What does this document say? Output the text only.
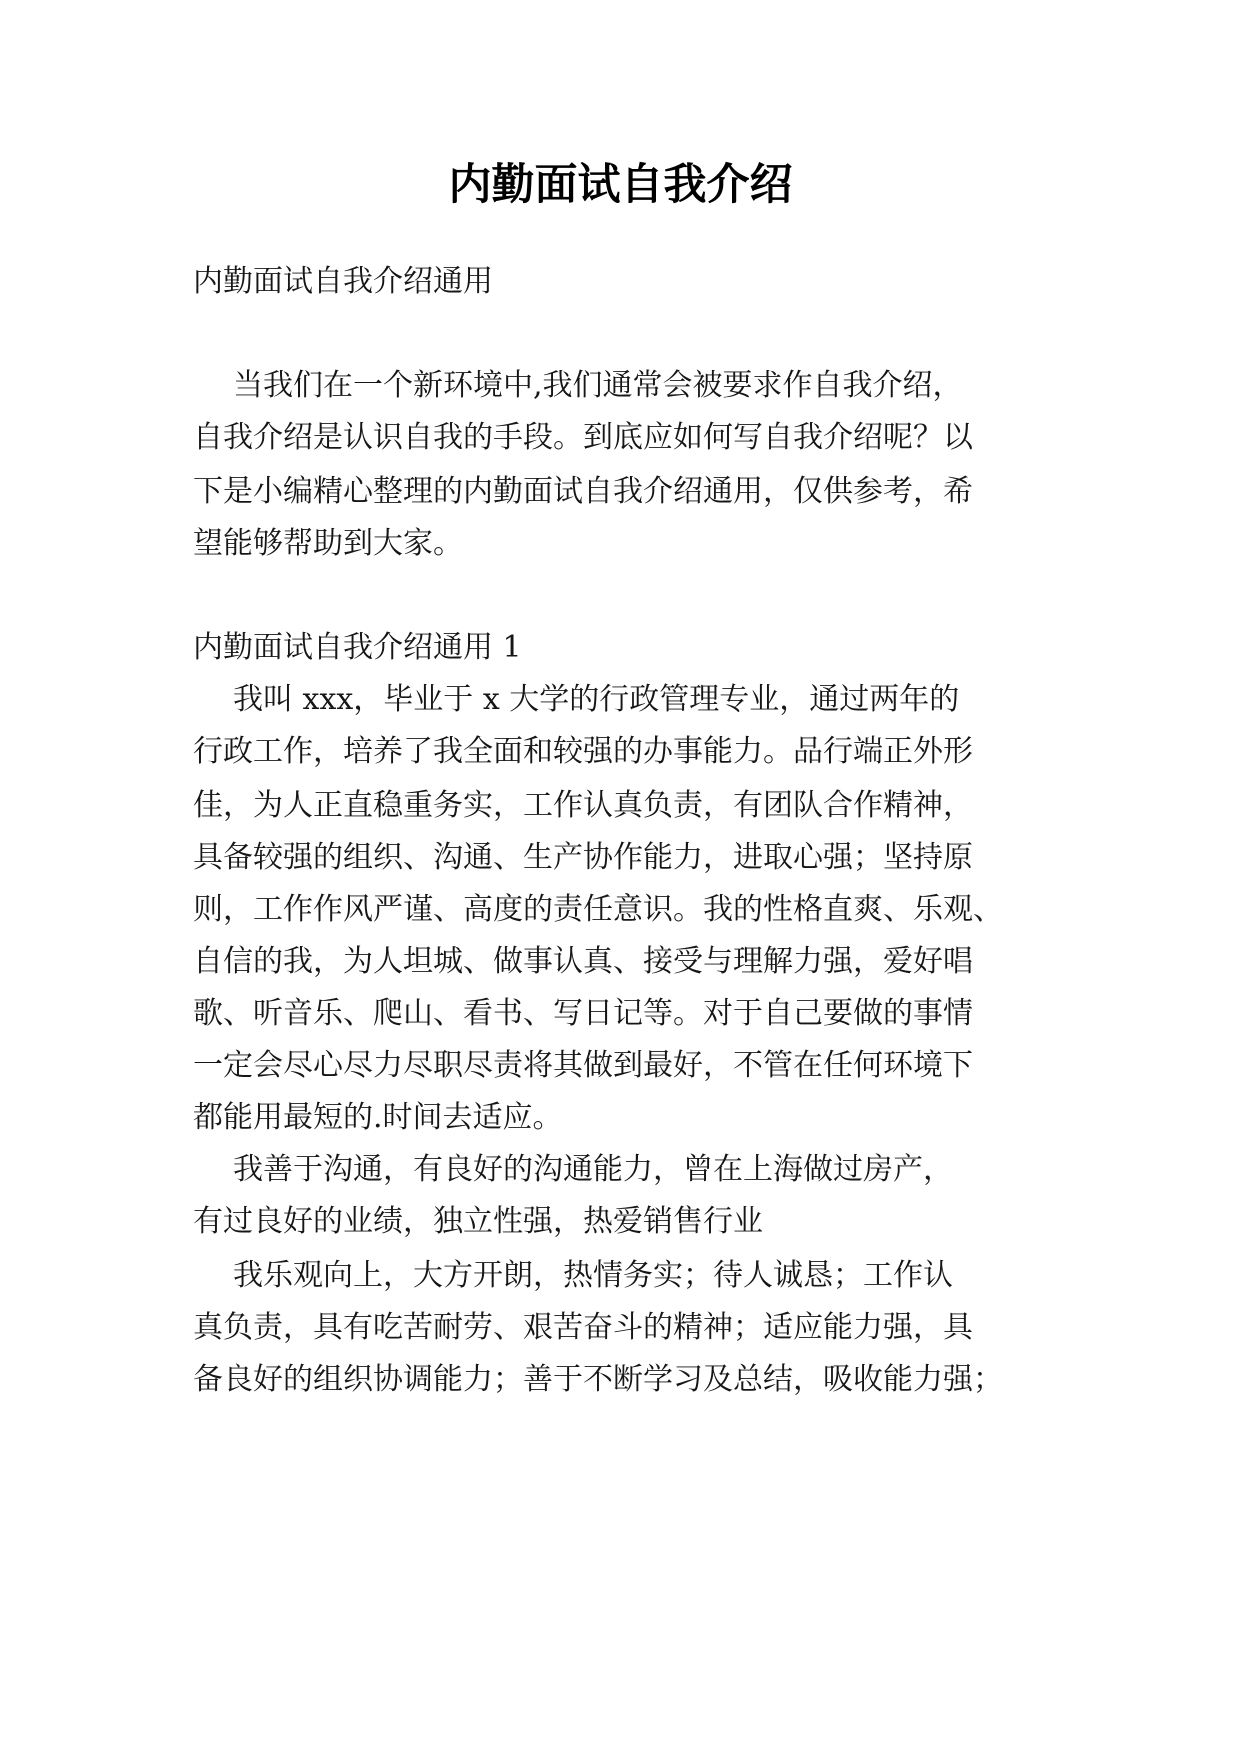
内勤面试自我介绍

内勤面试自我介绍通用

当我们在一个新环境中,我们通常会被要求作自我介绍，

自我介绍是认识自我的手段。到底应如何写自我介绍呢？以

下是小编精心整理的内勤面试自我介绍通用，仅供参考，希

望能够帮助到大家。

内勤面试自我介绍通用 1

我叫 xxx，毕业于 x 大学的行政管理专业，通过两年的

行政工作，培养了我全面和较强的办事能力。品行端正外形

佳，为人正直稳重务实，工作认真负责，有团队合作精神，

具备较强的组织、沟通、生产协作能力，进取心强；坚持原

则，工作作风严谨、高度的责任意识。我的性格直爽、乐观、

自信的我，为人坦城、做事认真、接受与理解力强，爱好唱

歌、听音乐、爬山、看书、写日记等。对于自己要做的事情

一定会尽心尽力尽职尽责将其做到最好，不管在任何环境下

都能用最短的.时间去适应。

我善于沟通，有良好的沟通能力，曾在上海做过房产，

有过良好的业绩，独立性强，热爱销售行业

我乐观向上，大方开朗，热情务实；待人诚恳；工作认

真负责，具有吃苦耐劳、艰苦奋斗的精神；适应能力强，具

备良好的组织协调能力；善于不断学习及总结，吸收能力强；
